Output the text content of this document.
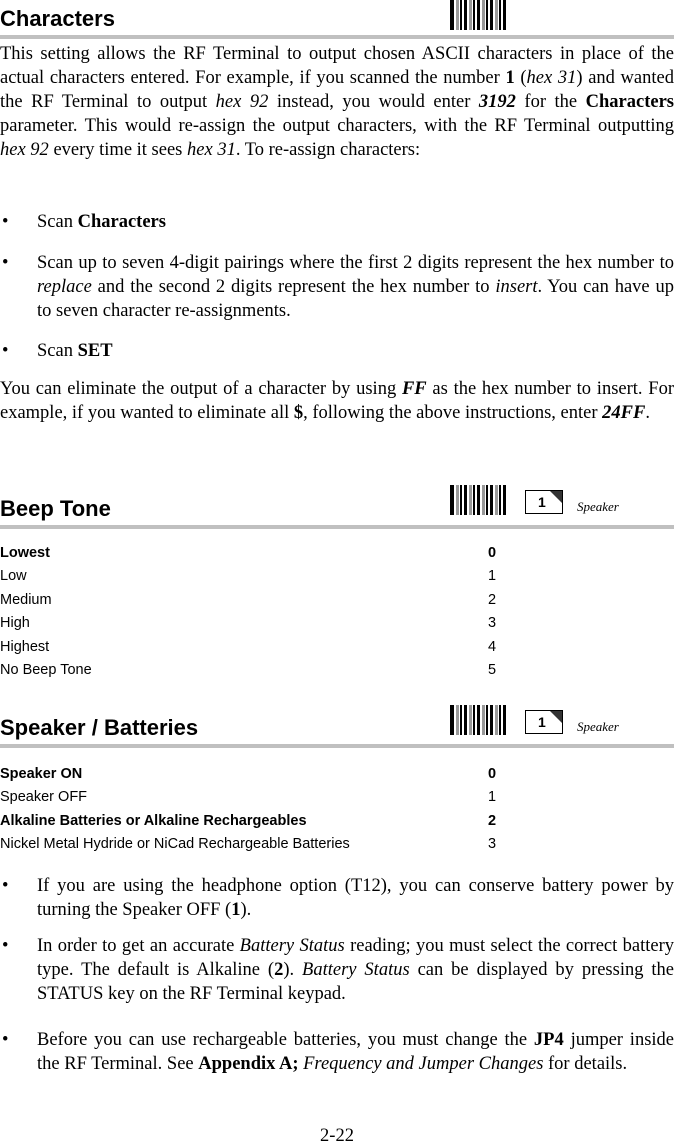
Characters
This setting allows the RF Terminal to output chosen ASCII characters in place of the actual characters entered. For example, if you scanned the number 1 (hex 31) and wanted the RF Terminal to output hex 92 instead, you would enter 3192 for the Characters parameter. This would re-assign the output characters, with the RF Terminal outputting hex 92 every time it sees hex 31. To re-assign characters:
• Scan Characters
• Scan up to seven 4-digit pairings where the first 2 digits represent the hex number to replace and the second 2 digits represent the hex number to insert. You can have up to seven character re-assignments.
• Scan SET
You can eliminate the output of a character by using FF as the hex number to insert. For example, if you wanted to eliminate all $, following the above instructions, enter 24FF.
Beep Tone	1	Speaker
Lowest	0
Low	1
Medium	2
High	3
Highest	4
No Beep Tone	5
Speaker / Batteries	1	Speaker
Speaker ON	0
Speaker OFF	1
Alkaline Batteries or Alkaline Rechargeables	2
Nickel Metal Hydride or NiCad Rechargeable Batteries	3
• If you are using the headphone option (T12), you can conserve battery power by turning the Speaker OFF (1).
• In order to get an accurate Battery Status reading; you must select the correct battery type. The default is Alkaline (2). Battery Status can be displayed by pressing the STATUS key on the RF Terminal keypad.
• Before you can use rechargeable batteries, you must change the JP4 jumper inside the RF Terminal. See Appendix A; Frequency and Jumper Changes for details.
2-22
